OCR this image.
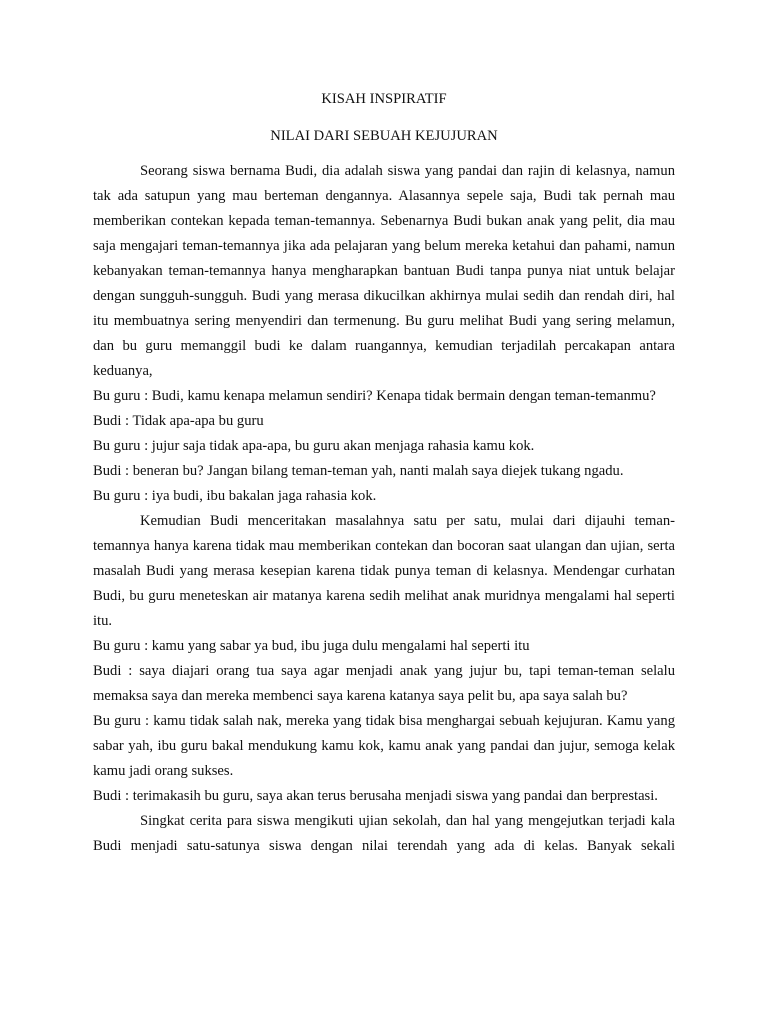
KISAH INSPIRATIF
NILAI DARI SEBUAH KEJUJURAN

Seorang siswa bernama Budi, dia adalah siswa yang pandai dan rajin di kelasnya, namun tak ada satupun yang mau berteman dengannya. Alasannya sepele saja, Budi tak pernah mau memberikan contekan kepada teman-temannya. Sebenarnya Budi bukan anak yang pelit, dia mau saja mengajari teman-temannya jika ada pelajaran yang belum mereka ketahui dan pahami, namun kebanyakan teman-temannya hanya mengharapkan bantuan Budi tanpa punya niat untuk belajar dengan sungguh-sungguh. Budi yang merasa dikucilkan akhirnya mulai sedih dan rendah diri, hal itu membuatnya sering menyendiri dan termenung. Bu guru melihat Budi yang sering melamun, dan bu guru memanggil budi ke dalam ruangannya, kemudian terjadilah percakapan antara keduanya,

Bu guru : Budi, kamu kenapa melamun sendiri? Kenapa tidak bermain dengan teman-temanmu?

Budi : Tidak apa-apa bu guru

Bu guru : jujur saja tidak apa-apa, bu guru akan menjaga rahasia kamu kok.

Budi : beneran bu? Jangan bilang teman-teman yah, nanti malah saya diejek tukang ngadu.

Bu guru : iya budi, ibu bakalan jaga rahasia kok.

Kemudian Budi menceritakan masalahnya satu per satu, mulai dari dijauhi teman-temannya hanya karena tidak mau memberikan contekan dan bocoran saat ulangan dan ujian, serta masalah Budi yang merasa kesepian karena tidak punya teman di kelasnya. Mendengar curhatan Budi, bu guru meneteskan air matanya karena sedih melihat anak muridnya mengalami hal seperti itu.

Bu guru : kamu yang sabar ya bud, ibu juga dulu mengalami hal seperti itu

Budi : saya diajari orang tua saya agar menjadi anak yang jujur bu, tapi teman-teman selalu memaksa saya dan mereka membenci saya karena katanya saya pelit bu, apa saya salah bu?

Bu guru : kamu tidak salah nak, mereka yang tidak bisa menghargai sebuah kejujuran. Kamu yang sabar yah, ibu guru bakal mendukung kamu kok, kamu anak yang pandai dan jujur, semoga kelak kamu jadi orang sukses.

Budi : terimakasih bu guru, saya akan terus berusaha menjadi siswa yang pandai dan berprestasi.

Singkat cerita para siswa mengikuti ujian sekolah, dan hal yang mengejutkan terjadi kala Budi menjadi satu-satunya siswa dengan nilai terendah yang ada di kelas. Banyak sekali
